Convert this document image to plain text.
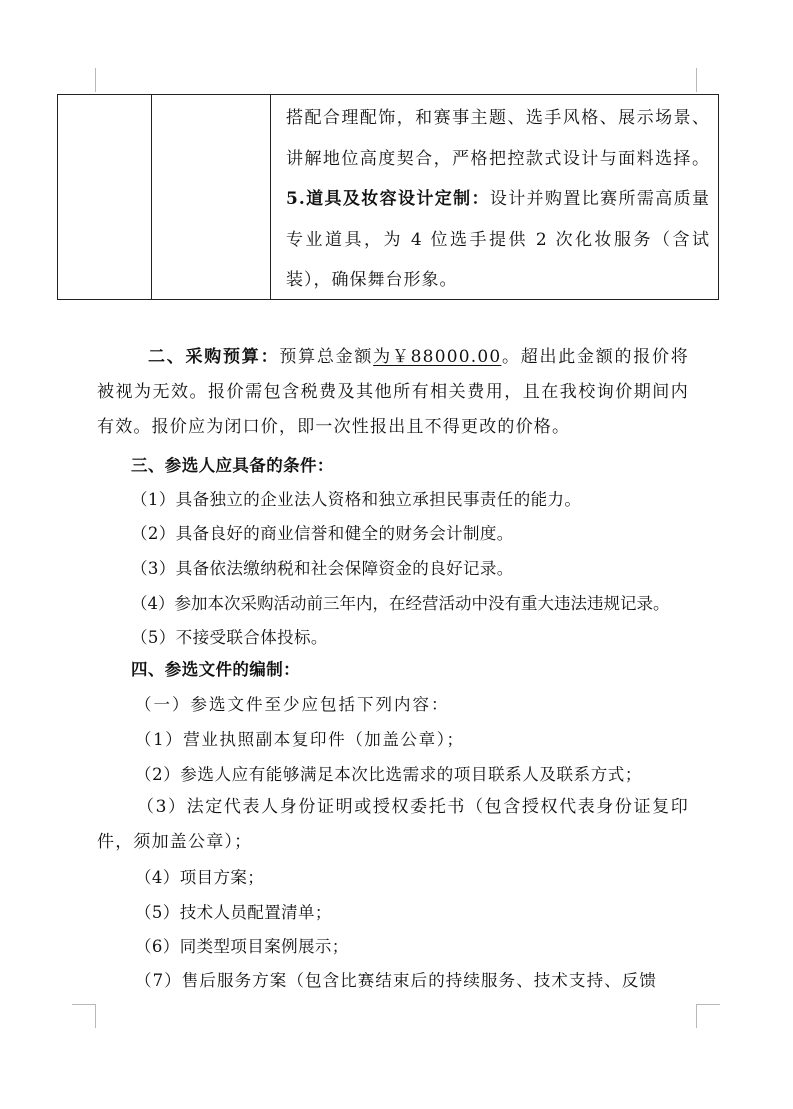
搭配合理配饰，和赛事主题、选手风格、展示场景、讲解地位高度契合，严格把控款式设计与面料选择。5.道具及妆容设计定制：设计并购置比赛所需高质量专业道具，为 4 位选手提供 2 次化妆服务（含试装），确保舞台形象。
二、采购预算：预算总金额为￥88000.00。超出此金额的报价将被视为无效。报价需包含税费及其他所有相关费用，且在我校询价期间内有效。报价应为闭口价，即一次性报出且不得更改的价格。
三、参选人应具备的条件：
（1）具备独立的企业法人资格和独立承担民事责任的能力。
（2）具备良好的商业信誉和健全的财务会计制度。
（3）具备依法缴纳税和社会保障资金的良好记录。
（4）参加本次采购活动前三年内，在经营活动中没有重大违法违规记录。
（5）不接受联合体投标。
四、参选文件的编制：
（一）参选文件至少应包括下列内容：
（1）营业执照副本复印件（加盖公章）；
（2）参选人应有能够满足本次比选需求的项目联系人及联系方式；
（3）法定代表人身份证明或授权委托书（包含授权代表身份证复印件，须加盖公章）；
（4）项目方案；
（5）技术人员配置清单；
（6）同类型项目案例展示；
（7）售后服务方案（包含比赛结束后的持续服务、技术支持、反馈
